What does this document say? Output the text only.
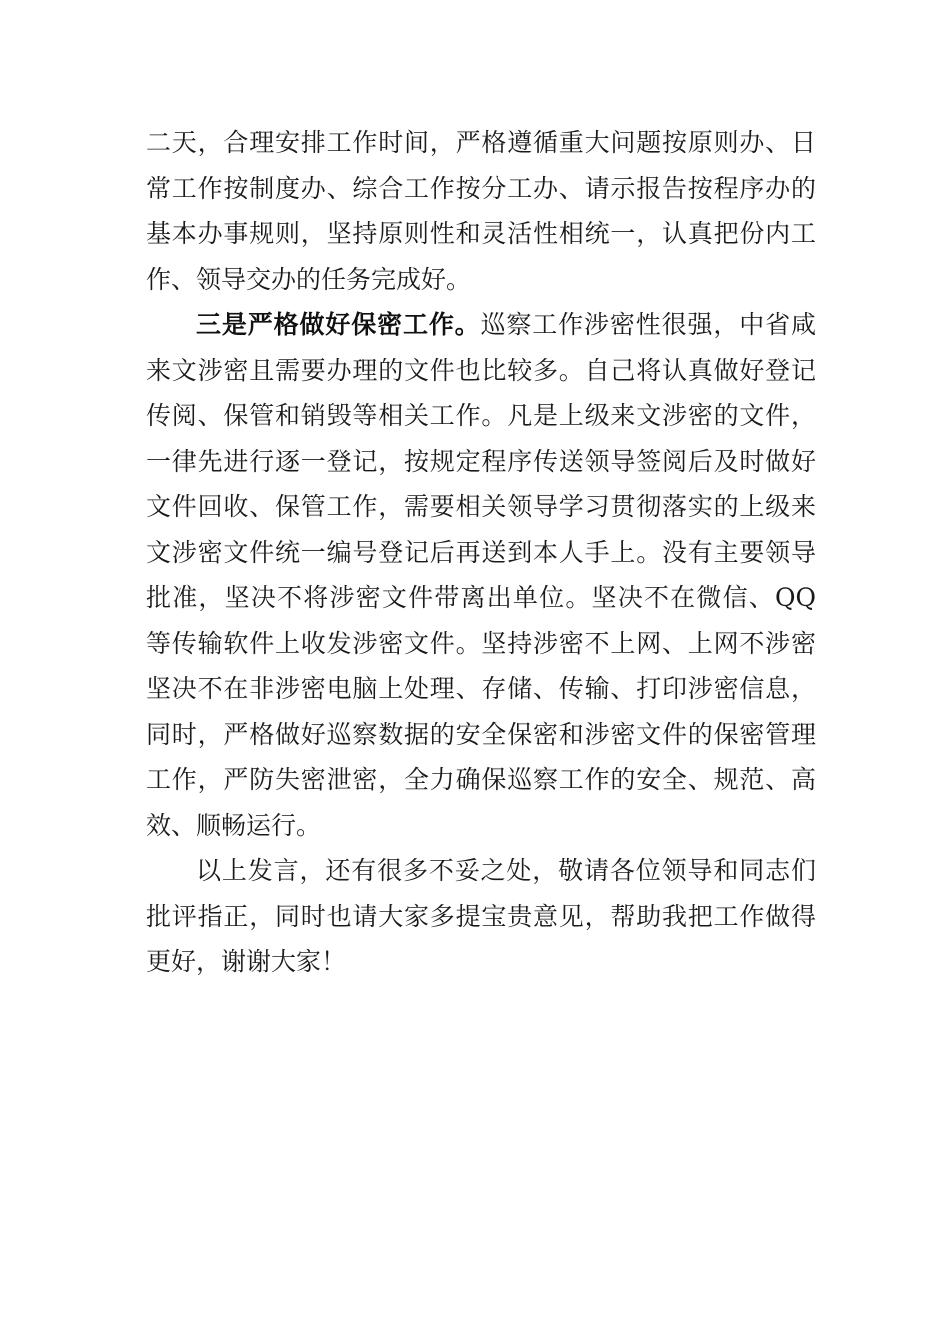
二天，合理安排工作时间，严格遵循重大问题按原则办、日
常工作按制度办、综合工作按分工办、请示报告按程序办的
基本办事规则，坚持原则性和灵活性相统一，认真把份内工
作、领导交办的任务完成好。
三是严格做好保密工作。巡察工作涉密性很强，中省咸
来文涉密且需要办理的文件也比较多。自己将认真做好登记
传阅、保管和销毁等相关工作。凡是上级来文涉密的文件，
一律先进行逐一登记，按规定程序传送领导签阅后及时做好
文件回收、保管工作，需要相关领导学习贯彻落实的上级来
文涉密文件统一编号登记后再送到本人手上。没有主要领导
批准，坚决不将涉密文件带离出单位。坚决不在微信、QQ
等传输软件上收发涉密文件。坚持涉密不上网、上网不涉密
坚决不在非涉密电脑上处理、存储、传输、打印涉密信息，
同时，严格做好巡察数据的安全保密和涉密文件的保密管理
工作，严防失密泄密，全力确保巡察工作的安全、规范、高
效、顺畅运行。
以上发言，还有很多不妥之处，敬请各位领导和同志们
批评指正，同时也请大家多提宝贵意见，帮助我把工作做得
更好，谢谢大家！
